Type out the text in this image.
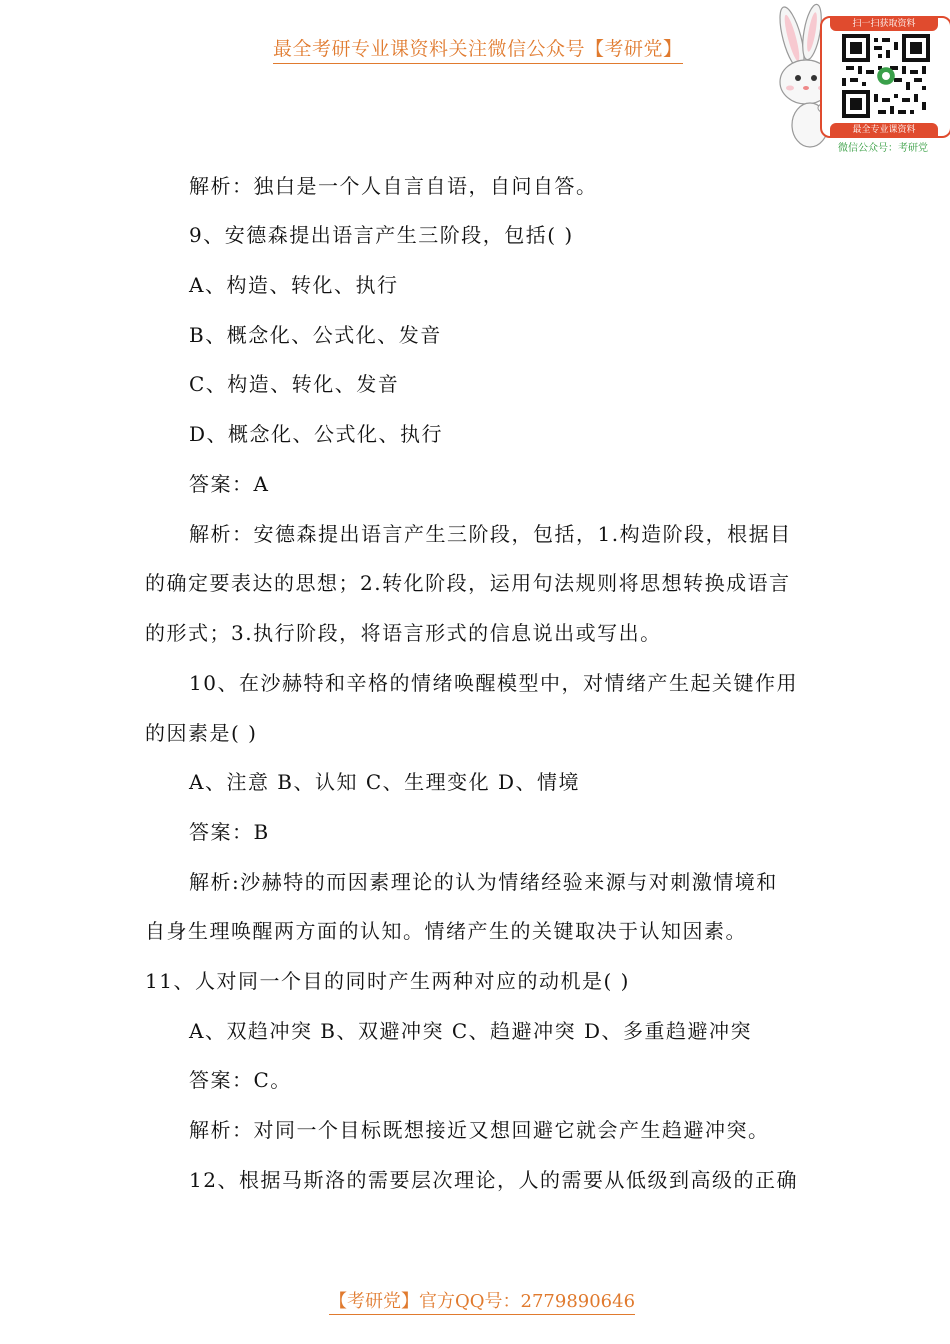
最全考研专业课资料关注微信公众号【考研党】
扫一扫获取资料
最全专业课资料
微信公众号：考研党
解析：独白是一个人自言自语，自问自答。
9、安德森提出语言产生三阶段，包括( )
A、构造、转化、执行
B、概念化、公式化、发音
C、构造、转化、发音
D、概念化、公式化、执行
答案：A
解析：安德森提出语言产生三阶段，包括，1.构造阶段，根据目
的确定要表达的思想；2.转化阶段，运用句法规则将思想转换成语言
的形式；3.执行阶段，将语言形式的信息说出或写出。
10、在沙赫特和辛格的情绪唤醒模型中，对情绪产生起关键作用
的因素是( )
A、注意 B、认知 C、生理变化 D、情境
答案：B
解析:沙赫特的而因素理论的认为情绪经验来源与对刺激情境和
自身生理唤醒两方面的认知。情绪产生的关键取决于认知因素。
11、人对同一个目的同时产生两种对应的动机是( )
A、双趋冲突 B、双避冲突 C、趋避冲突 D、多重趋避冲突
答案：C。
解析：对同一个目标既想接近又想回避它就会产生趋避冲突。
12、根据马斯洛的需要层次理论，人的需要从低级到高级的正确
【考研党】官方QQ号：2779890646
